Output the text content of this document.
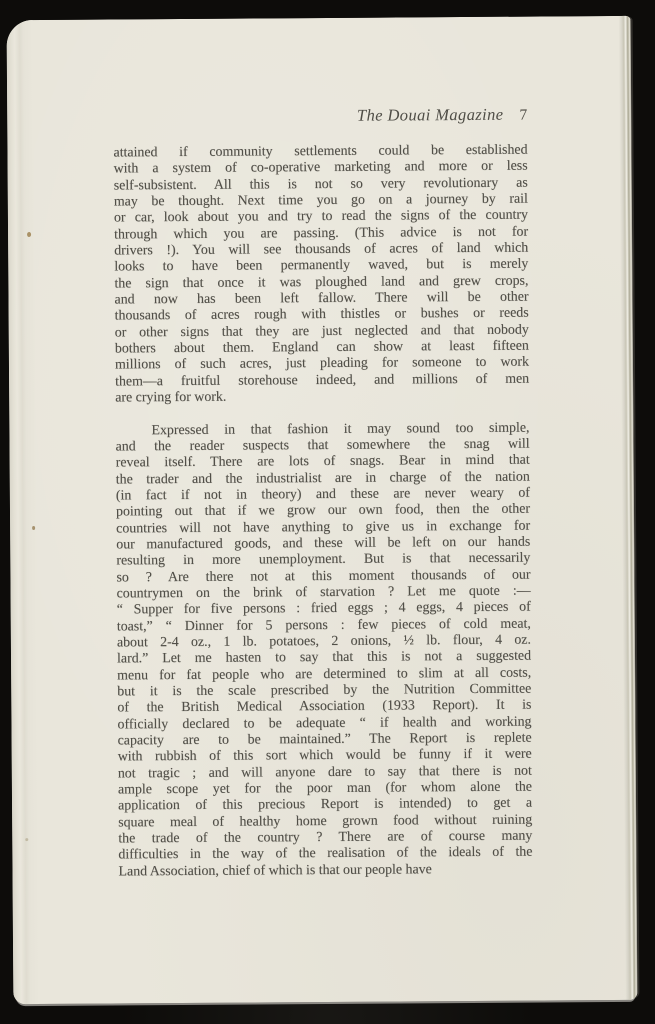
The Douai Magazine 7
attained if community settlements could be established
with a system of co-operative marketing and more or less
self-subsistent. All this is not so very revolutionary as
may be thought. Next time you go on a journey by rail
or car, look about you and try to read the signs of the country
through which you are passing. (This advice is not for
drivers !). You will see thousands of acres of land which
looks to have been permanently waved, but is merely
the sign that once it was ploughed land and grew crops,
and now has been left fallow. There will be other
thousands of acres rough with thistles or bushes or reeds
or other signs that they are just neglected and that nobody
bothers about them. England can show at least fifteen
millions of such acres, just pleading for someone to work
them—a fruitful storehouse indeed, and millions of men
are crying for work.
Expressed in that fashion it may sound too simple,
and the reader suspects that somewhere the snag will
reveal itself. There are lots of snags. Bear in mind that
the trader and the industrialist are in charge of the nation
(in fact if not in theory) and these are never weary of
pointing out that if we grow our own food, then the other
countries will not have anything to give us in exchange for
our manufactured goods, and these will be left on our hands
resulting in more unemployment. But is that necessarily
so ? Are there not at this moment thousands of our
countrymen on the brink of starvation ? Let me quote :—
“ Supper for five persons : fried eggs ; 4 eggs, 4 pieces of
toast,” “ Dinner for 5 persons : few pieces of cold meat,
about 2-4 oz., 1 lb. potatoes, 2 onions, ½ lb. flour, 4 oz.
lard.” Let me hasten to say that this is not a suggested
menu for fat people who are determined to slim at all costs,
but it is the scale prescribed by the Nutrition Committee
of the British Medical Association (1933 Report). It is
officially declared to be adequate “ if health and working
capacity are to be maintained.” The Report is replete
with rubbish of this sort which would be funny if it were
not tragic ; and will anyone dare to say that there is not
ample scope yet for the poor man (for whom alone the
application of this precious Report is intended) to get a
square meal of healthy home grown food without ruining
the trade of the country ? There are of course many
difficulties in the way of the realisation of the ideals of the
Land Association, chief of which is that our people have
